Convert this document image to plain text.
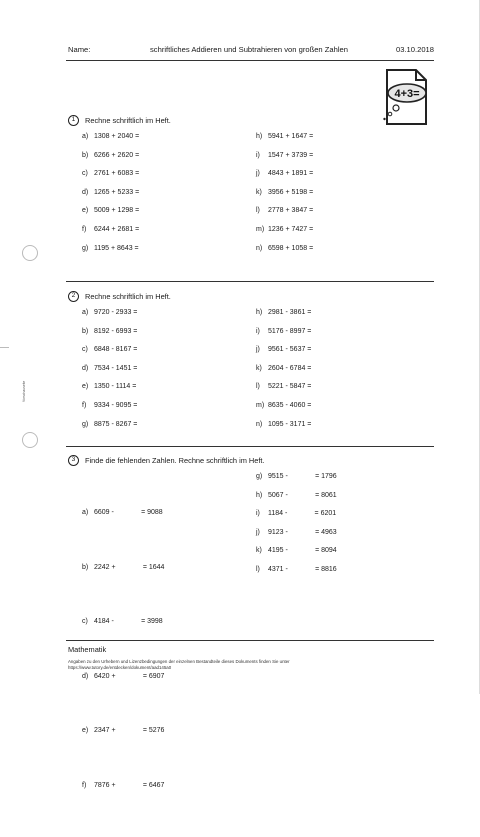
Name:	schriftliches Addieren und Subtrahieren von großen Zahlen	03.10.2018
4+3=
Vorschauseite
1	Rechne schriftlich im Heft.
a) 1308 + 2040 =
b) 6266 + 2620 =
c) 2761 + 6083 =
d) 1265 + 5233 =
e) 5009 + 1298 =
f) 6244 + 2681 =
g) 1195 + 8643 =
h) 5941 + 1647 =
i) 1547 + 3739 =
j) 4843 + 1891 =
k) 3956 + 5198 =
l) 2778 + 3847 =
m) 1236 + 7427 =
n) 6598 + 1058 =
2	Rechne schriftlich im Heft.
a) 9720 - 2933 =
b) 8192 - 6993 =
c) 6848 - 8167 =
d) 7534 - 1451 =
e) 1350 - 1114 =
f) 9334 - 9095 =
g) 8875 - 8267 =
h) 2981 - 3861 =
i) 5176 - 8997 =
j) 9561 - 5637 =
k) 2604 - 6784 =
l) 5221 - 5847 =
m) 8635 - 4060 =
n) 1095 - 3171 =
3	Finde die fehlenden Zahlen. Rechne schriftlich im Heft.

a) 6609 -              = 9088

b) 2242 +              = 1644

c) 4184 -              = 3998

d) 6420 +              = 6907

e) 2347 +              = 5276

f) 7876 +              = 6467

g) 9515 -              = 1796
h) 5067 -              = 8061
i) 1184 -              = 6201
j) 9123 -              = 4963
k) 4195 -              = 8094
l) 4371 -              = 8816
Mathematik
Angaben zu den Urhebern und Lizenzbedingungen der einzelnen Bestandteile dieses Dokuments finden Sie unter
https://www.tutory.de/entdecken/dokument/aad145a0
